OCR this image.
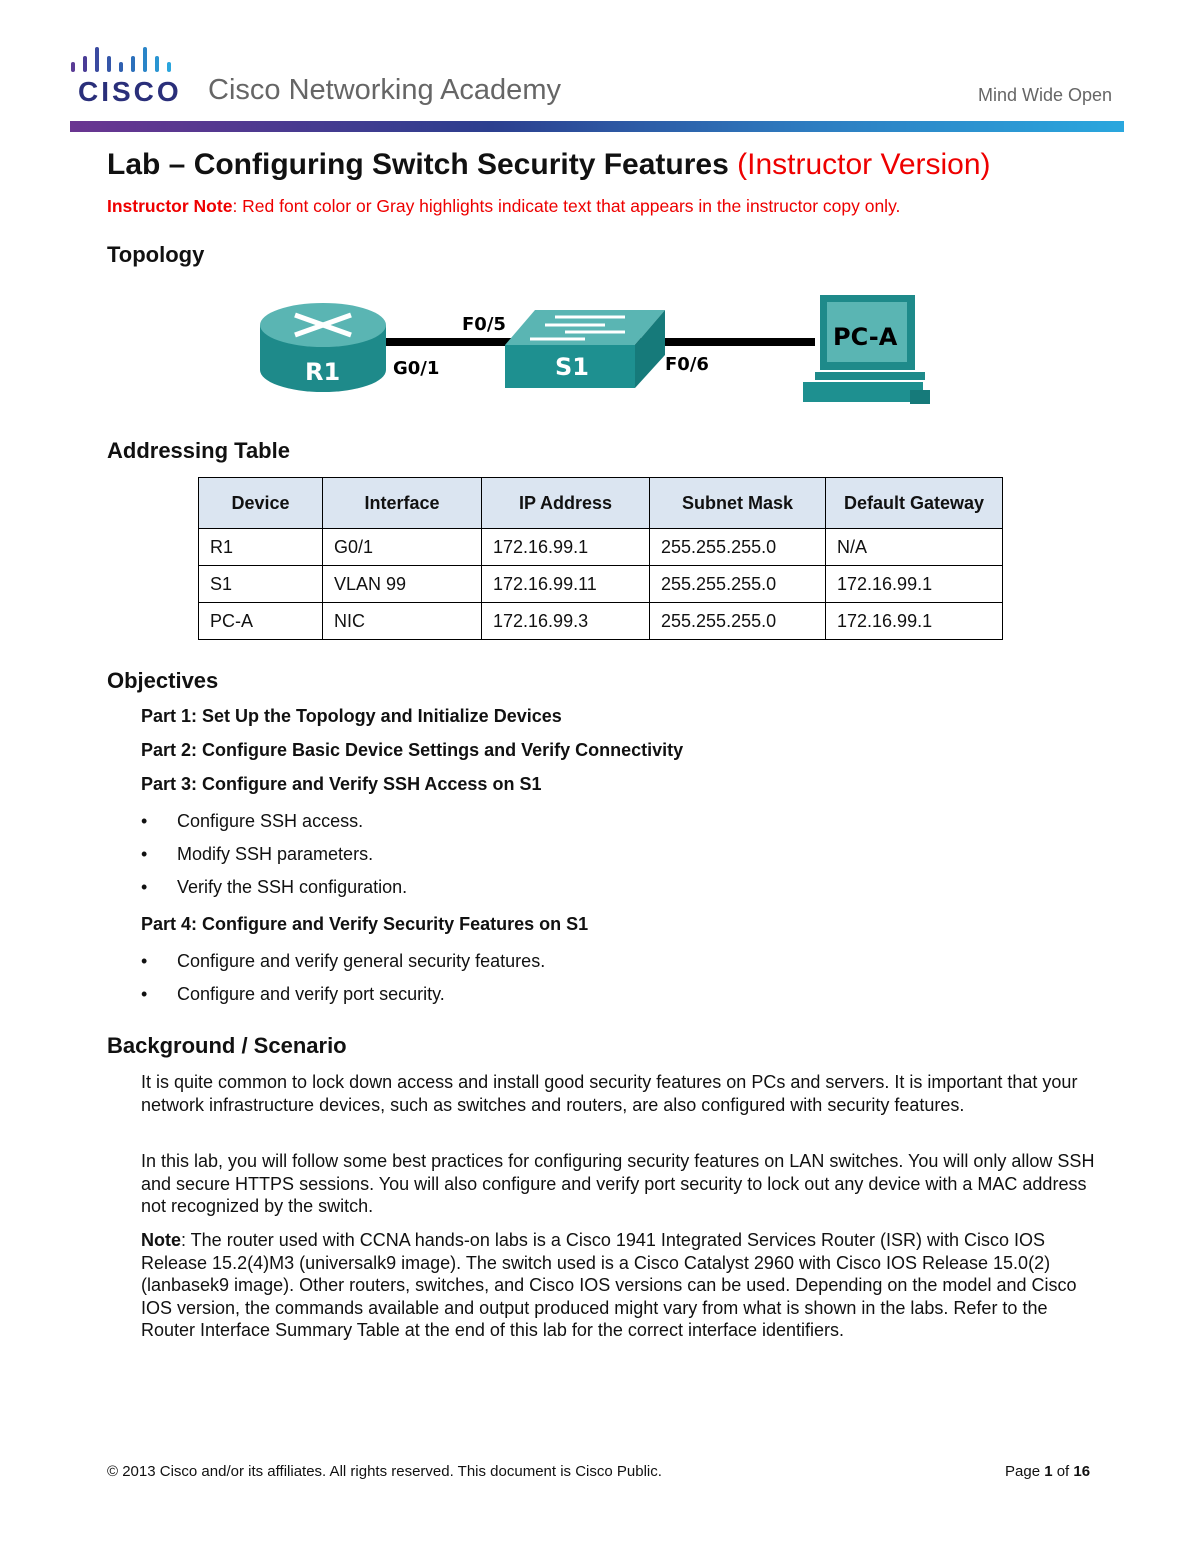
CISCO Cisco Networking Academy	Mind Wide Open
Lab – Configuring Switch Security Features (Instructor Version)
Instructor Note: Red font color or Gray highlights indicate text that appears in the instructor copy only.
Topology
R1	S1
PC-A
G0/1
F0/5
F0/6
Addressing Table
Device	Interface	IP Address	Subnet Mask	Default Gateway
R1	G0/1	172.16.99.1	255.255.255.0	N/A
S1	VLAN 99	172.16.99.11	255.255.255.0	172.16.99.1
PC-A	NIC	172.16.99.3	255.255.255.0	172.16.99.1
Objectives
Part 1: Set Up the Topology and Initialize Devices
Part 2: Configure Basic Device Settings and Verify Connectivity
Part 3: Configure and Verify SSH Access on S1
• Configure SSH access.
• Modify SSH parameters.
• Verify the SSH configuration.
Part 4: Configure and Verify Security Features on S1
• Configure and verify general security features.
• Configure and verify port security.
Background / Scenario
It is quite common to lock down access and install good security features on PCs and servers. It is important that your network infrastructure devices, such as switches and routers, are also configured with security features.
In this lab, you will follow some best practices for configuring security features on LAN switches. You will only allow SSH and secure HTTPS sessions. You will also configure and verify port security to lock out any device with a MAC address not recognized by the switch.
Note: The router used with CCNA hands-on labs is a Cisco 1941 Integrated Services Router (ISR) with Cisco IOS Release 15.2(4)M3 (universalk9 image). The switch used is a Cisco Catalyst 2960 with Cisco IOS Release 15.0(2) (lanbasek9 image). Other routers, switches, and Cisco IOS versions can be used. Depending on the model and Cisco IOS version, the commands available and output produced might vary from what is shown in the labs. Refer to the Router Interface Summary Table at the end of this lab for the correct interface identifiers.
© 2013 Cisco and/or its affiliates. All rights reserved. This document is Cisco Public.	Page 1 of 16
